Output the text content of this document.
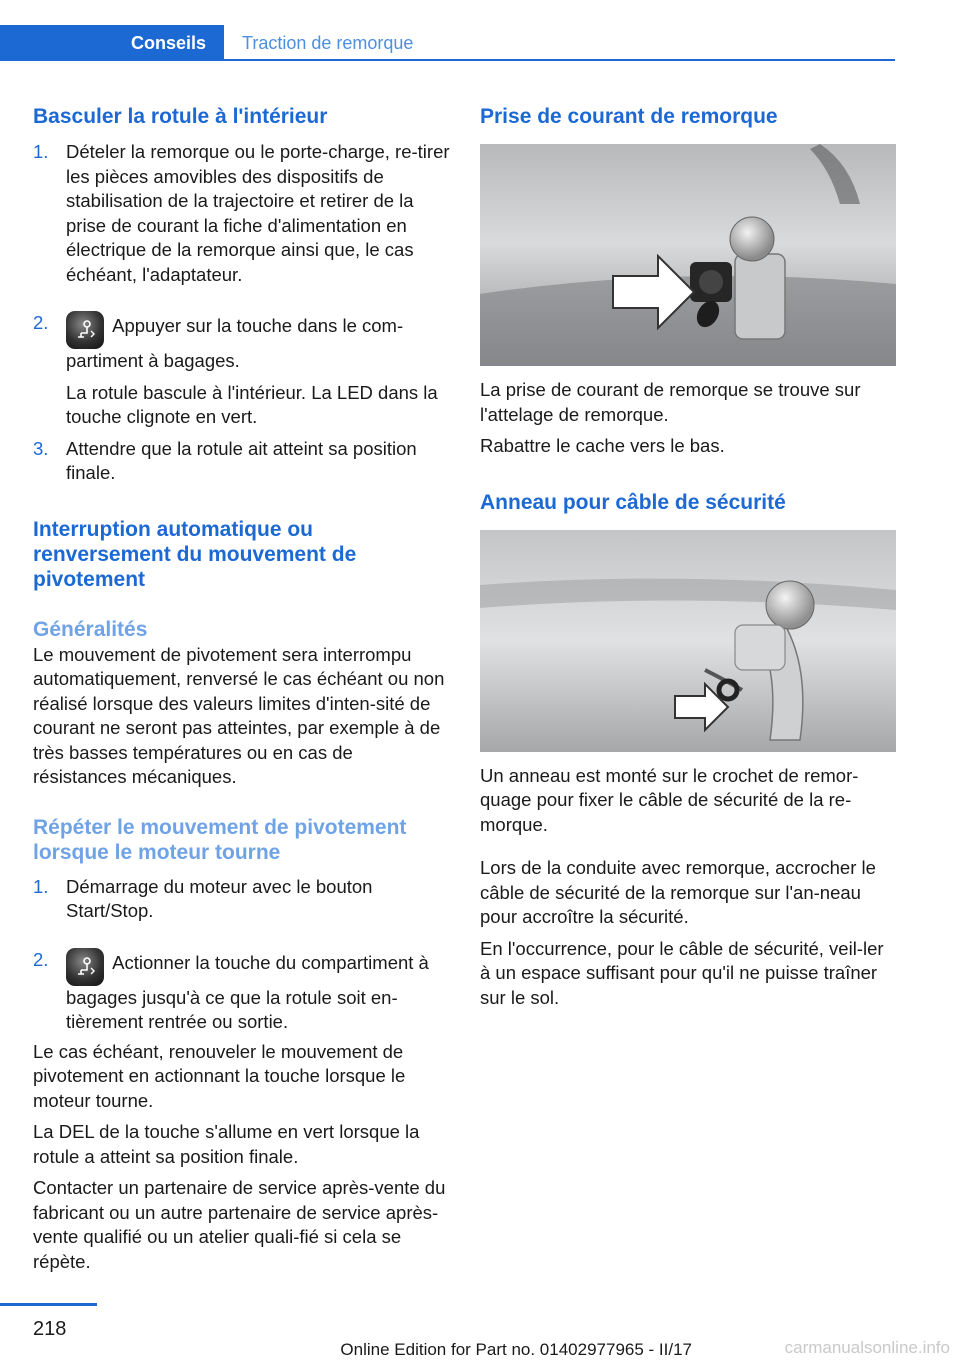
Conseils Traction de remorque
Basculer la rotule à l'intérieur
1. Dételer la remorque ou le porte-charge, re-tirer les pièces amovibles des dispositifs de stabilisation de la trajectoire et retirer de la prise de courant la fiche d'alimentation en électrique de la remorque ainsi que, le cas échéant, l'adaptateur.
2.	Appuyer sur la touche dans le com-partiment à bagages.

La rotule bascule à l'intérieur. La LED dans la touche clignote en vert.

3. Attendre que la rotule ait atteint sa position finale.
Interruption automatique ou renversement du mouvement de pivotement
Généralités

Le mouvement de pivotement sera interrompu automatiquement, renversé le cas échéant ou non réalisé lorsque des valeurs limites d'inten-sité de courant ne seront pas atteintes, par exemple à de très basses températures ou en cas de résistances mécaniques.

Répéter le mouvement de pivotement lorsque le moteur tourne
1. Démarrage du moteur avec le bouton Start/Stop.
2.	Actionner la touche du compartiment à bagages jusqu'à ce que la rotule soit en-tièrement rentrée ou sortie.

Le cas échéant, renouveler le mouvement de pivotement en actionnant la touche lorsque le moteur tourne.

La DEL de la touche s'allume en vert lorsque la rotule a atteint sa position finale.

Contacter un partenaire de service après-vente du fabricant ou un autre partenaire de service après-vente qualifié ou un atelier quali-fié si cela se répète.

Prise de courant de remorque

La prise de courant de remorque se trouve sur l'attelage de remorque.

Rabattre le cache vers le bas.

Anneau pour câble de sécurité

Un anneau est monté sur le crochet de remor-quage pour fixer le câble de sécurité de la re-morque.

Lors de la conduite avec remorque, accrocher le câble de sécurité de la remorque sur l'an-neau pour accroître la sécurité.

En l'occurrence, pour le câble de sécurité, veil-ler à un espace suffisant pour qu'il ne puisse traîner sur le sol.

218
Online Edition for Part no. 01402977965 - II/17	carmanualsonline.info
